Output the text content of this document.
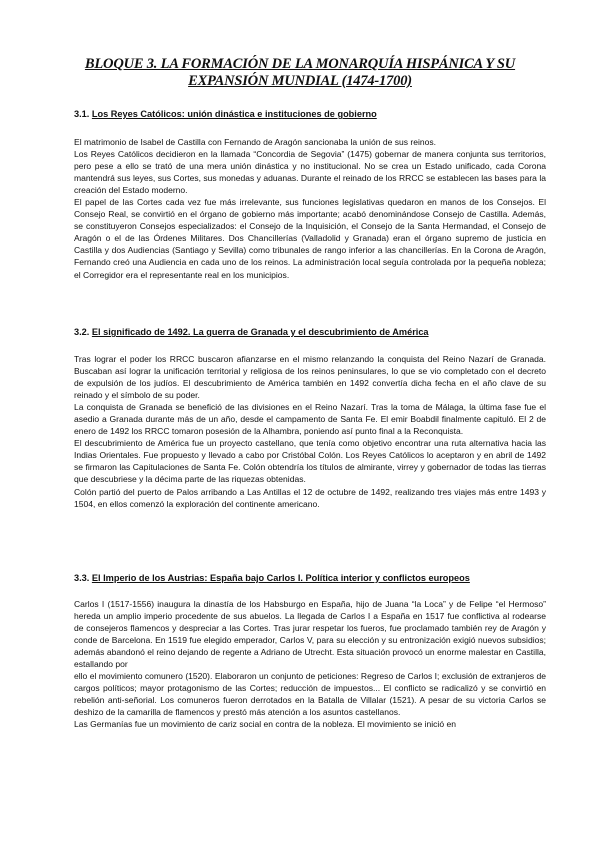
BLOQUE 3. LA FORMACIÓN DE LA MONARQUÍA HISPÁNICA Y SU
EXPANSIÓN MUNDIAL (1474-1700)
3.1. Los Reyes Católicos: unión dinástica e instituciones de gobierno

El matrimonio de Isabel de Castilla con Fernando de Aragón sancionaba la unión de sus reinos.

Los Reyes Católicos decidieron en la llamada “Concordia de Segovia” (1475) gobernar de manera conjunta sus territorios, pero pese a ello se trató de una mera unión dinástica y no institucional. No se crea un Estado unificado, cada Corona mantendrá sus leyes, sus Cortes, sus monedas y aduanas. Durante el reinado de los RRCC se establecen las bases para la creación del Estado moderno.

El papel de las Cortes cada vez fue más irrelevante, sus funciones legislativas quedaron en manos de los Consejos. El Consejo Real, se convirtió en el órgano de gobierno más importante; acabó denominándose Consejo de Castilla. Además, se constituyeron Consejos especializados: el Consejo de la Inquisición, el Consejo de la Santa Hermandad, el Consejo de Aragón o el de las Órdenes Militares. Dos Chancillerías (Valladolid y Granada) eran el órgano supremo de justicia en Castilla y dos Audiencias (Santiago y Sevilla) como tribunales de rango inferior a las chancillerías. En la Corona de Aragón, Fernando creó una Audiencia en cada uno de los reinos. La administración local seguía controlada por la pequeña nobleza; el Corregidor era el representante real en los municipios.

3.2. El significado de 1492. La guerra de Granada y el descubrimiento de América

Tras lograr el poder los RRCC buscaron afianzarse en el mismo relanzando la conquista del Reino Nazarí de Granada. Buscaban así lograr la unificación territorial y religiosa de los reinos peninsulares, lo que se vio completado con el decreto de expulsión de los judíos. El descubrimiento de América también en 1492 convertía dicha fecha en el año clave de su reinado y el símbolo de su poder.

La conquista de Granada se benefició de las divisiones en el Reino Nazarí. Tras la toma de Málaga, la última fase fue el asedio a Granada durante más de un año, desde el campamento de Santa Fe. El emir Boabdil finalmente capituló. El 2 de enero de 1492 los RRCC tomaron posesión de la Alhambra, poniendo así punto final a la Reconquista.

El descubrimiento de América fue un proyecto castellano, que tenía como objetivo encontrar una ruta alternativa hacia las Indias Orientales. Fue propuesto y llevado a cabo por Cristóbal Colón. Los Reyes Católicos lo aceptaron y en abril de 1492 se firmaron las Capitulaciones de Santa Fe. Colón obtendría los títulos de almirante, virrey y gobernador de todas las tierras que descubriese y la décima parte de las riquezas obtenidas.

Colón partió del puerto de Palos arribando a Las Antillas el 12 de octubre de 1492, realizando tres viajes más entre 1493 y 1504, en ellos comenzó la exploración del continente americano.

3.3. El Imperio de los Austrias: España bajo Carlos I. Política interior y conflictos europeos

Carlos I (1517-1556) inaugura la dinastía de los Habsburgo en España, hijo de Juana “la Loca” y de Felipe “el Hermoso” hereda un amplio imperio procedente de sus abuelos. La llegada de Carlos I a España en 1517 fue conflictiva al rodearse de consejeros flamencos y despreciar a las Cortes. Tras jurar respetar los fueros, fue proclamado también rey de Aragón y conde de Barcelona. En 1519 fue elegido emperador, Carlos V, para su elección y su entronización exigió nuevos subsidios; además abandonó el reino dejando de regente a Adriano de Utrecht. Esta situación provocó un enorme malestar en Castilla, estallando por

ello el movimiento comunero (1520). Elaboraron un conjunto de peticiones: Regreso de Carlos I; exclusión de extranjeros de cargos políticos; mayor protagonismo de las Cortes; reducción de impuestos... El conflicto se radicalizó y se convirtió en rebelión anti-señorial. Los comuneros fueron derrotados en la Batalla de Villalar (1521). A pesar de su victoria Carlos se deshizo de la camarilla de flamencos y prestó más atención a los asuntos castellanos.

Las Germanías fue un movimiento de cariz social en contra de la nobleza. El movimiento se inició en
